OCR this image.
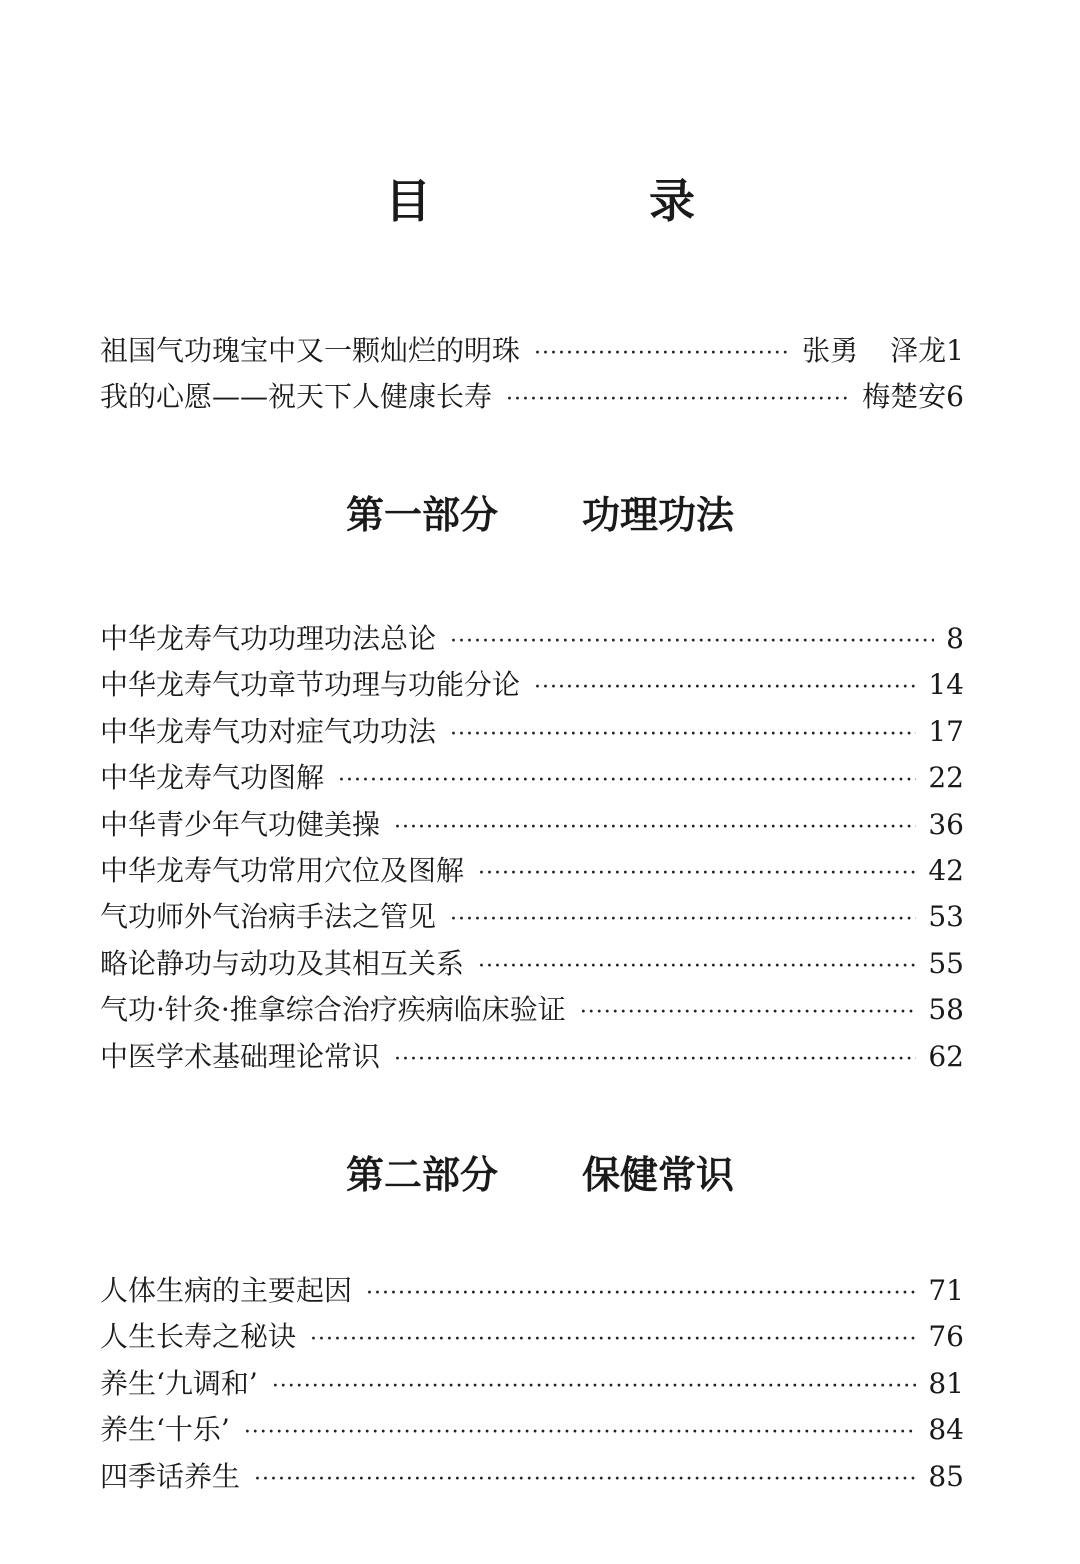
目　录
祖国气功瑰宝中又一颗灿烂的明珠 ·····	张勇 泽龙1
我的心愿——祝天下人健康长寿 ·····	梅楚安6
第一部分 功理功法
中华龙寿气功功理功法总论 ·····	8
中华龙寿气功章节功理与功能分论 ·····	14
中华龙寿气功对症气功功法 ·····	17
中华龙寿气功图解 ·····	22
中华青少年气功健美操 ·····	36
中华龙寿气功常用穴位及图解 ·····	42
气功师外气治病手法之管见 ·····	53
略论静功与动功及其相互关系 ·····	55
气功·针灸·推拿综合治疗疾病临床验证 ·····	58
中医学术基础理论常识 ·····	62
第二部分 保健常识
人体生病的主要起因 ·····	71
人生长寿之秘诀 ·····	76
养生‘九调和’ ·····	81
养生‘十乐’ ·····	84
四季话养生 ·····	85
